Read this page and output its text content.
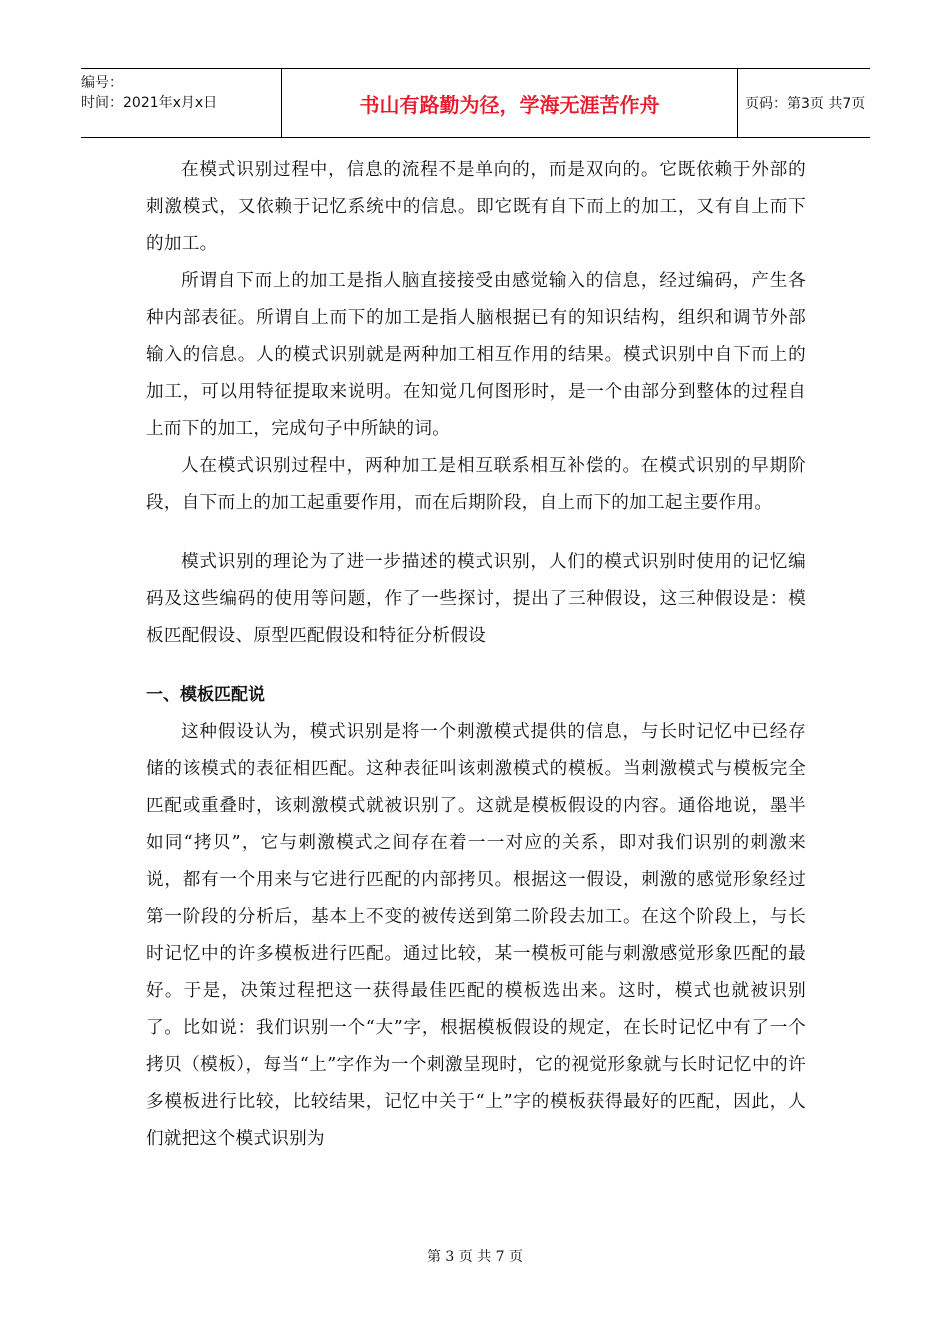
编号：
时间：2021年x月x日	书山有路勤为径，学海无涯苦作舟	页码：第3页 共7页

在模式识别过程中，信息的流程不是单向的，而是双向的。它既依赖于外部的刺激模式，又依赖于记忆系统中的信息。即它既有自下而上的加工，又有自上而下的加工。

所谓自下而上的加工是指人脑直接接受由感觉输入的信息，经过编码，产生各种内部表征。所谓自上而下的加工是指人脑根据已有的知识结构，组织和调节外部输入的信息。人的模式识别就是两种加工相互作用的结果。模式识别中自下而上的加工，可以用特征提取来说明。在知觉几何图形时，是一个由部分到整体的过程自上而下的加工，完成句子中所缺的词。

人在模式识别过程中，两种加工是相互联系相互补偿的。在模式识别的早期阶段，自下而上的加工起重要作用，而在后期阶段，自上而下的加工起主要作用。

模式识别的理论为了进一步描述的模式识别，人们的模式识别时使用的记忆编码及这些编码的使用等问题，作了一些探讨，提出了三种假设，这三种假设是：模板匹配假设、原型匹配假设和特征分析假设

一、模板匹配说

这种假设认为，模式识别是将一个刺激模式提供的信息，与长时记忆中已经存储的该模式的表征相匹配。这种表征叫该刺激模式的模板。当刺激模式与模板完全匹配或重叠时，该刺激模式就被识别了。这就是模板假设的内容。通俗地说，墨半如同“拷贝”，它与刺激模式之间存在着一一对应的关系，即对我们识别的刺激来说，都有一个用来与它进行匹配的内部拷贝。根据这一假设，刺激的感觉形象经过第一阶段的分析后，基本上不变的被传送到第二阶段去加工。在这个阶段上，与长时记忆中的许多模板进行匹配。通过比较，某一模板可能与刺激感觉形象匹配的最好。于是，决策过程把这一获得最佳匹配的模板选出来。这时，模式也就被识别了。比如说：我们识别一个“大”字，根据模板假设的规定，在长时记忆中有了一个拷贝（模板），每当“上”字作为一个刺激呈现时，它的视觉形象就与长时记忆中的许多模板进行比较，比较结果，记忆中关于“上”字的模板获得最好的匹配，因此，人们就把这个模式识别为

第 3 页 共 7 页
